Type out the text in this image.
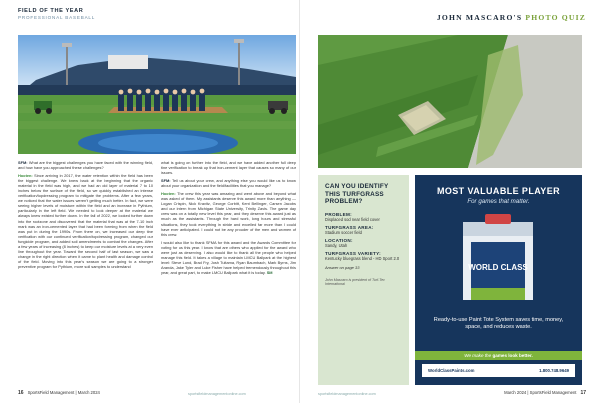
FIELD OF THE YEAR
PROFESSIONAL BASEBALL

SFM: What are the biggest challenges you have faced with the winning field, and how have you approached these challenges?

Hooten: Since arriving in 2017, the water retention within the field has been the biggest challenge. We knew back at the beginning that the organic material in the field was high, and we had an old layer of material 7 to 10 inches below the surface of the field, so we quickly established an intense verification/topdressing program to mitigate the problems. After a few years, we noticed that the water issues weren't getting much better. In fact, we were seeing higher levels of moisture within the field and an increase in Pythium, particularly in the left field. We needed to look deeper at the material we always knew existed further down. In the fall of 2022, we looked further down into the rootzone and discovered that the material that was at the 7-10 inch mark was an iron-cemented layer that had been forming from when the field was put in during the 1990s. From there on, we increased our deep tine verification with our continued verification/topdressing program, changed our fungicide program, and added soil amendments to combat the changes. After a few years of increasing (8 inches) to keep our moisture levels at a very even line throughout the year. Toward the second half of last season, we saw a change in the right direction when it came to plant health and damage control of the field. Moving into this year's season we are going to a stronger preventive program for Pythium, more soil samples to understand

what is going on further into the field, and we have added another full deep tine verification to break up that iron-cement layer that causes so many of our issues.

SFM: Tell us about your crew, and anything else you would like us to know about your organization and the field/facilities that you manage?

Hooten: The crew this year was amazing and went above and beyond what was asked of them. My assistants deserve this award more than anything — Logan Crispin, Nick Kravitz, George Corbitt, Kent Bellinger, Carsen Jacobs and our intern from Michigan State University, Trinity Zavis. The game day crew was on a totally new level this year, and they deserve this award just as much as the assistants. Through the hard work, long hours and stressful situations, they took everything in stride and excelled far more than I could have ever anticipated. I could not be any prouder of the men and women of this crew.

I would also like to thank SFMA for this award and the Awards Committee for voting for us this year. I know that are others who applied for the award who were just as deserving. I also would like to thank all the people who helped manage this field. It takes a village to maintain LMCU Ballpark at the highest level: Steve Lund, Brad Fry, Josh Tuitama, Ryan Baumbach, Mark Byrns, Jim Aranda, Jake Tyler and Luke Fisher have helped tremendously throughout this year, and great part, to make LMCU Ballpark what it is today. SM

16 SportsField Management | March 2024	sportsfieldmanagementonline.com
JOHN MASCARO'S PHOTO QUIZ
CAN YOU IDENTIFY THIS TURFGRASS PROBLEM?
PROBLEM:
Displaced sod near field cover
TURFGRASS AREA:
Stadium soccer field
LOCATION:
Sandy, Utah
TURFGRASS VARIETY:
Kentucky bluegrass blend - HD Sport 2.0
Answer on page 33
John Mascaro is president of Turf-Tec International
MOST VALUABLE PLAYER
For games that matter.
WORLD CLASS
Ready-to-use Paint Tote System saves time, money, space, and reduces waste.
We make the games look better.
WorldClassPaints.com	1.800.748.9649
sportsfieldmanagementonline.com	March 2024 | SportsField Management 17
